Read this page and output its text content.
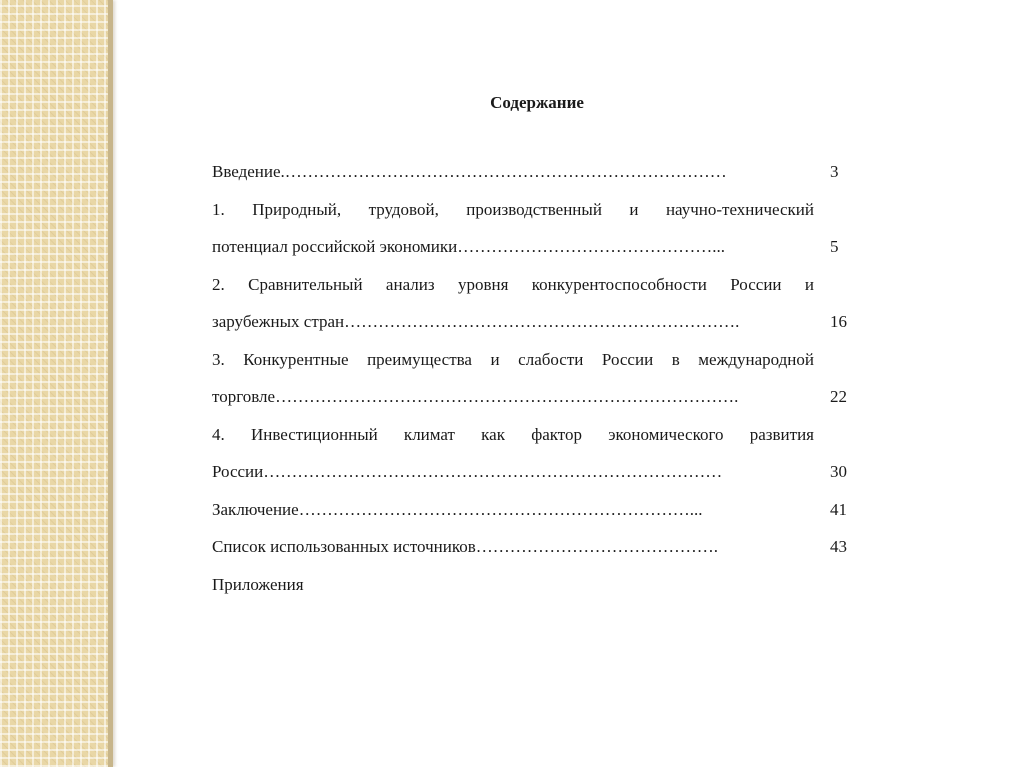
Содержание
Введение.……………………………………………………………………	3
1. Природный, трудовой, производственный и научно-технический
потенциал российской экономики………………………………………...	5
2. Сравнительный анализ уровня конкурентоспособности России и
зарубежных стран…………………………………………………………….	16
3. Конкурентные преимущества и слабости России в международной
торговле……………………………………………………………………….	22
4. Инвестиционный климат как фактор экономического развития
России………………………………………………………………………	30
Заключение……………………………………………………………...	41
Список использованных источников…………………………………….	43
Приложения
